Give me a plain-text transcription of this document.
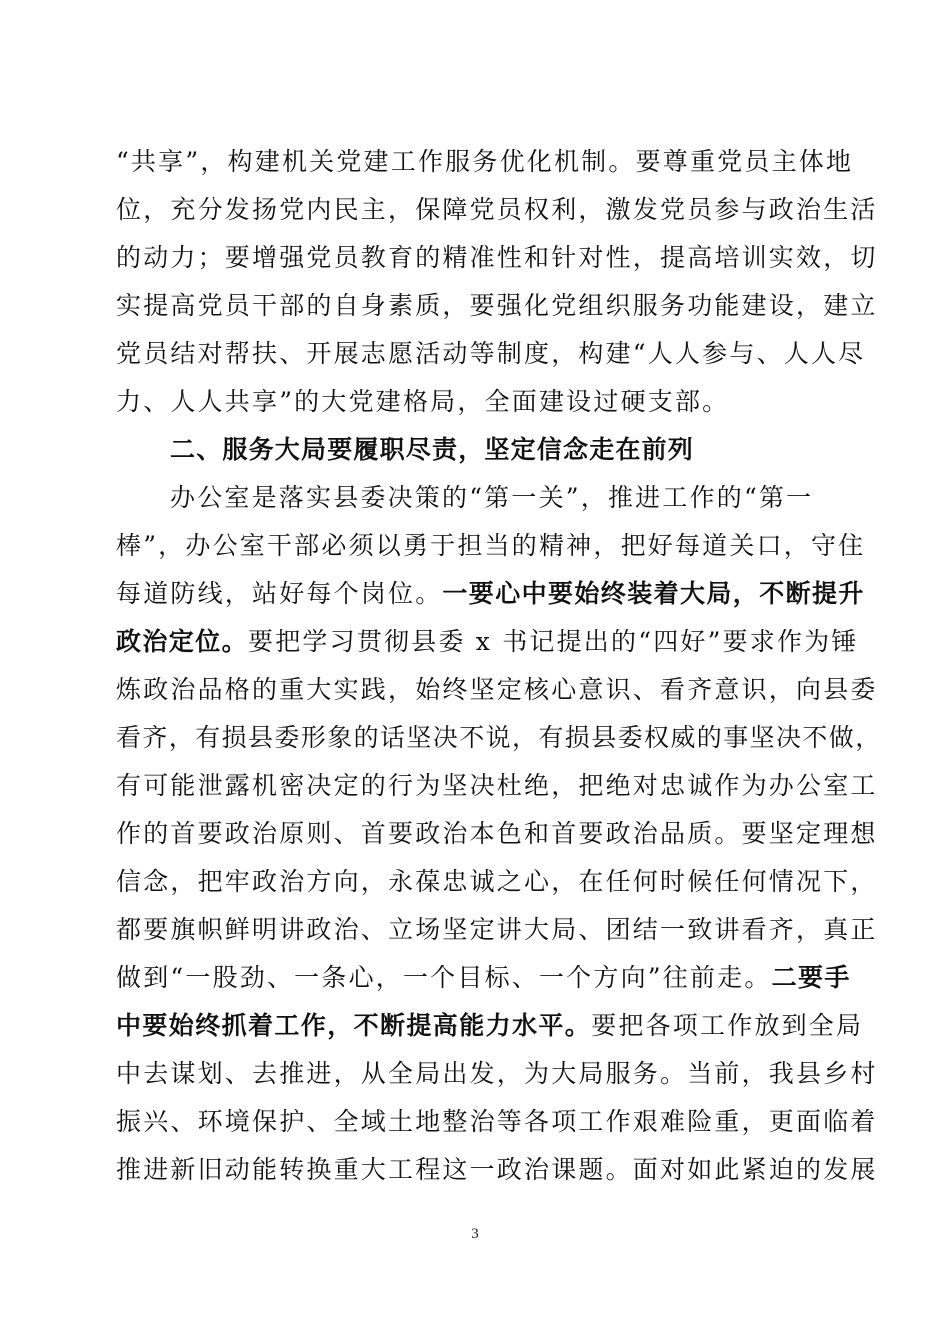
“共享”，构建机关党建工作服务优化机制。要尊重党员主体地
位，充分发扬党内民主，保障党员权利，激发党员参与政治生活
的动力；要增强党员教育的精准性和针对性，提高培训实效，切
实提高党员干部的自身素质，要强化党组织服务功能建设，建立
党员结对帮扶、开展志愿活动等制度，构建“人人参与、人人尽
力、人人共享”的大党建格局，全面建设过硬支部。
二、服务大局要履职尽责，坚定信念走在前列
办公室是落实县委决策的“第一关”，推进工作的“第一
棒”，办公室干部必须以勇于担当的精神，把好每道关口，守住
每道防线，站好每个岗位。一要心中要始终装着大局，不断提升
政治定位。要把学习贯彻县委 x 书记提出的“四好”要求作为锤
炼政治品格的重大实践，始终坚定核心意识、看齐意识，向县委
看齐，有损县委形象的话坚决不说，有损县委权威的事坚决不做，
有可能泄露机密决定的行为坚决杜绝，把绝对忠诚作为办公室工
作的首要政治原则、首要政治本色和首要政治品质。要坚定理想
信念，把牢政治方向，永葆忠诚之心，在任何时候任何情况下，
都要旗帜鲜明讲政治、立场坚定讲大局、团结一致讲看齐，真正
做到“一股劲、一条心，一个目标、一个方向”往前走。二要手
中要始终抓着工作，不断提高能力水平。要把各项工作放到全局
中去谋划、去推进，从全局出发，为大局服务。当前，我县乡村
振兴、环境保护、全域土地整治等各项工作艰难险重，更面临着
推进新旧动能转换重大工程这一政治课题。面对如此紧迫的发展
3
